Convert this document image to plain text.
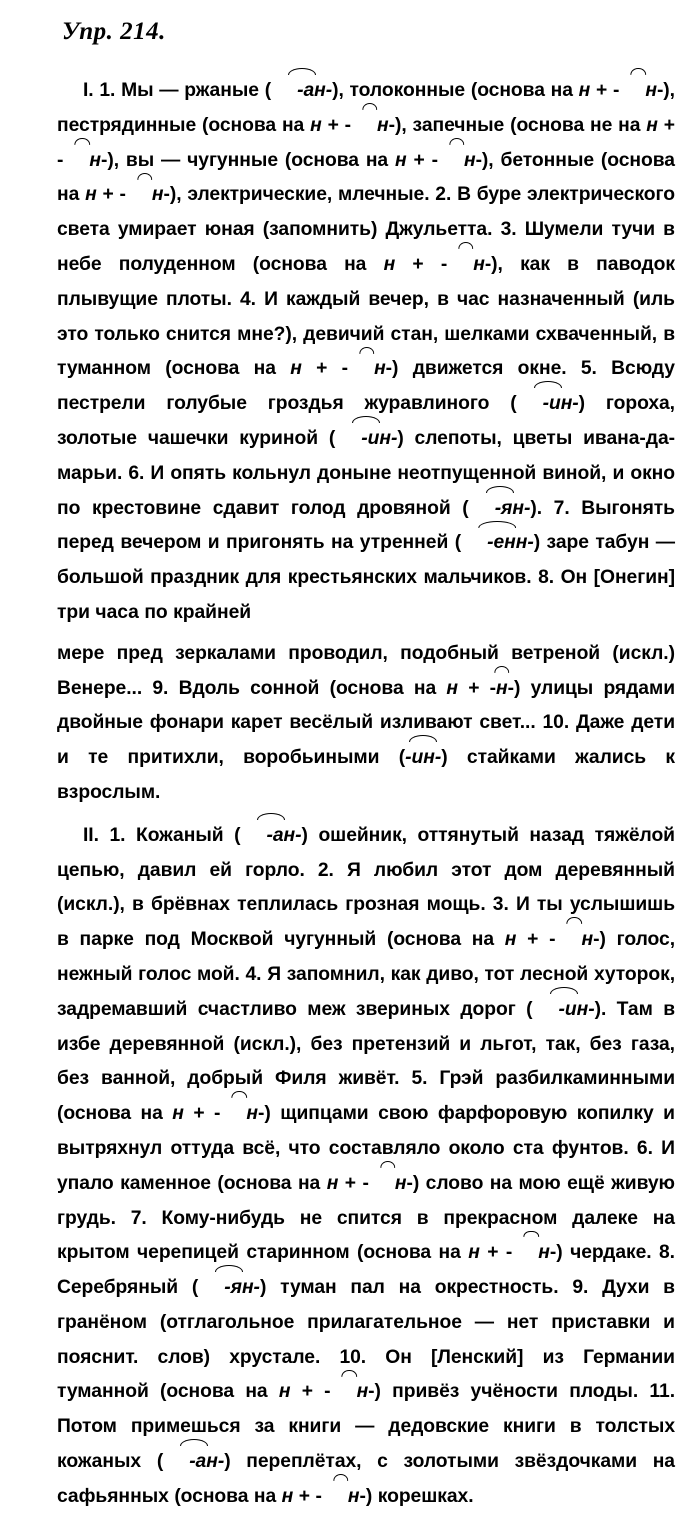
Упр. 214.

I. 1. Мы — ржаные ( -ан-), толоконные (основа на н + - н-), пестрядинные (основа на н + - н-), запечные (основа не на н + - н-), вы — чугунные (основа на н + - н-), бетонные (основа на н + - н-), электрические, млечные. 2. В буре электрического света умирает юная (запомнить) Джульетта. 3. Шумели тучи в небе полуденном (основа на н + - н-), как в паводок плывущие плоты. 4. И каждый вечер, в час назначенный (иль это только снится мне?), девичий стан, шелками схваченный, в туманном (основа на н + - н-) движется окне. 5. Всюду пестрели голубые гроздья журавлиного ( -ин-) гороха, золотые чашечки куриной ( -ин-) слепоты, цветы ивана-да-марьи. 6. И опять кольнул доныне неотпущенной виной, и окно по крестовине сдавит голод дровяной ( -ян-). 7. Выгонять перед вечером и пригонять на утренней ( -енн-) заре табун — большой праздник для крестьянских мальчиков. 8. Он [Онегин] три часа по крайней

мере пред зеркалами проводил, подобный ветреной (искл.) Венере... 9. Вдоль сонной (основа на н + -
н-) улицы рядами двойные фонари карет весёлый изливают свет... 10. Даже дети и те притихли, воробьиными (
-ин-) стайками жались к взрослым.

II. 1. Кожаный ( -ан-) ошейник, оттянутый назад тяжёлой цепью, давил ей горло. 2. Я любил этот дом деревянный (искл.), в брёвнах теплилась грозная мощь. 3. И ты услышишь в парке под Москвой чугунный (основа на н + - н-) голос, нежный голос мой. 4. Я запомнил, как диво, тот лесной хуторок, задремавший счастливо меж звериных дорог ( -ин-). Там в избе деревянной (искл.), без претензий и льгот, так, без газа, без ванной, добрый Филя живёт. 5. Грэй разбилкаминными (основа на н + - н-) щипцами свою фарфоровую копилку и вытряхнул оттуда всё, что составляло около ста фунтов. 6. И упало каменное (основа на н + - н-) слово на мою ещё живую грудь. 7. Кому-нибудь не спится в прекрасном далеке на крытом черепицей старинном (основа на н + - н-) чердаке. 8. Серебряный ( -ян-) туман пал на окрестность. 9. Духи в гранёном (отглагольное прилагательное — нет приставки и пояснит. слов) хрустале. 10. Он [Ленский] из Германии туманной (основа на н + - н-) привёз учёности плоды. 11. Потом примешься за книги — дедовские книги в толстых кожаных ( -ан-) переплётах, с золотыми звёздочками на сафьянных (основа на н + - н-) корешках.
